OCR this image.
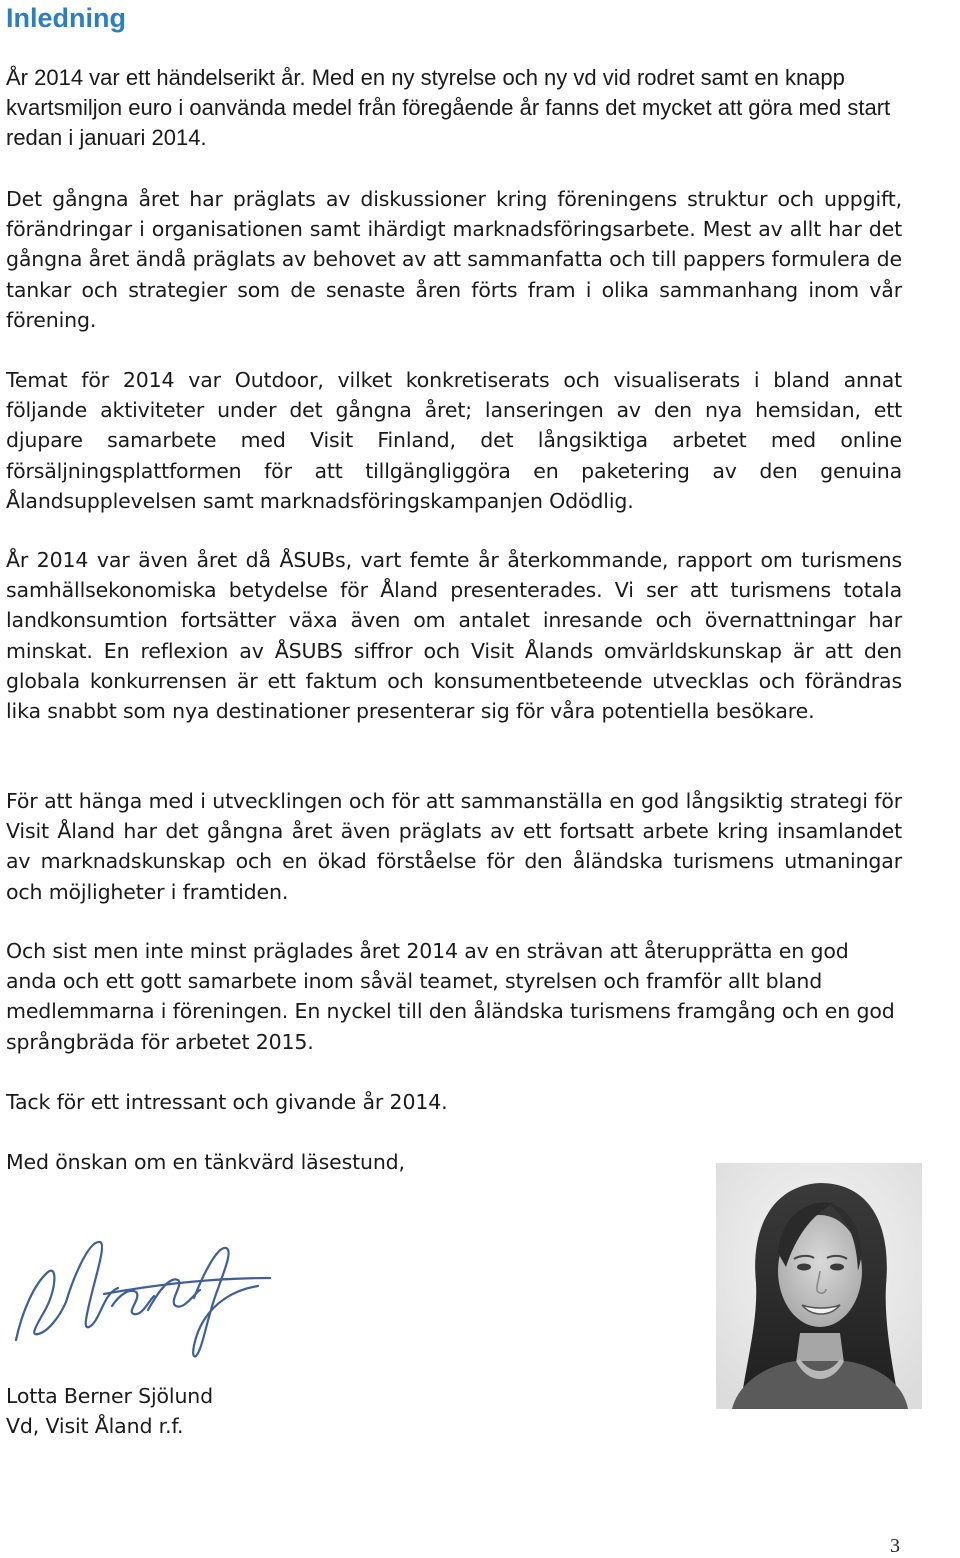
Inledning

År 2014 var ett händelserikt år. Med en ny styrelse och ny vd vid rodret samt en knapp kvartsmiljon euro i oanvända medel från föregående år fanns det mycket att göra med start redan i januari 2014.

Det gångna året har präglats av diskussioner kring föreningens struktur och uppgift, förändringar i organisationen samt ihärdigt marknadsföringsarbete. Mest av allt har det gångna året ändå präglats av behovet av att sammanfatta och till pappers formulera de tankar och strategier som de senaste åren förts fram i olika sammanhang inom vår förening.

Temat för 2014 var Outdoor, vilket konkretiserats och visualiserats i bland annat följande aktiviteter under det gångna året; lanseringen av den nya hemsidan, ett djupare samarbete med Visit Finland, det långsiktiga arbetet med online försäljningsplattformen för att tillgängliggöra en paketering av den genuina Ålandsupplevelsen samt marknadsföringskampanjen Odödlig.

År 2014 var även året då ÅSUBs, vart femte år återkommande, rapport om turismens samhällsekonomiska betydelse för Åland presenterades. Vi ser att turismens totala landkonsumtion fortsätter växa även om antalet inresande och övernattningar har minskat. En reflexion av ÅSUBS siffror och Visit Ålands omvärldskunskap är att den globala konkurrensen är ett faktum och konsumentbeteende utvecklas och förändras lika snabbt som nya destinationer presenterar sig för våra potentiella besökare.

För att hänga med i utvecklingen och för att sammanställa en god långsiktig strategi för Visit Åland har det gångna året även präglats av ett fortsatt arbete kring insamlandet av marknadskunskap och en ökad förståelse för den åländska turismens utmaningar och möjligheter i framtiden.

Och sist men inte minst präglades året 2014 av en strävan att återupprätta en god anda och ett gott samarbete inom såväl teamet, styrelsen och framför allt bland medlemmarna i föreningen. En nyckel till den åländska turismens framgång och en god språngbräda för arbetet 2015.

Tack för ett intressant och givande år 2014.

Med önskan om en tänkvärd läsestund,

Lotta Berner Sjölund
Vd, Visit Åland r.f.

3
